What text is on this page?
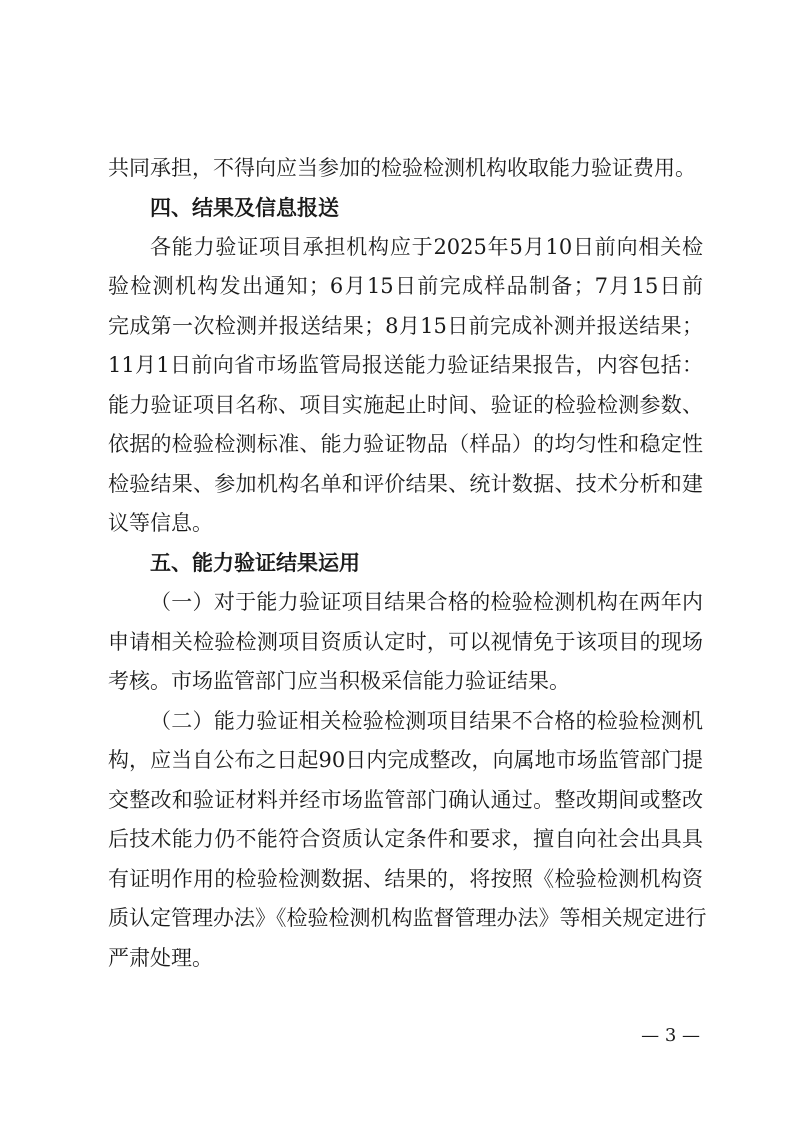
共同承担，不得向应当参加的检验检测机构收取能力验证费用。
四、结果及信息报送
各能力验证项目承担机构应于2025年5月10日前向相关检
验检测机构发出通知；6月15日前完成样品制备；7月15日前
完成第一次检测并报送结果；8月15日前完成补测并报送结果；
11月1日前向省市场监管局报送能力验证结果报告，内容包括：
能力验证项目名称、项目实施起止时间、验证的检验检测参数、
依据的检验检测标准、能力验证物品（样品）的均匀性和稳定性
检验结果、参加机构名单和评价结果、统计数据、技术分析和建
议等信息。
五、能力验证结果运用
（一）对于能力验证项目结果合格的检验检测机构在两年内
申请相关检验检测项目资质认定时，可以视情免于该项目的现场
考核。市场监管部门应当积极采信能力验证结果。
（二）能力验证相关检验检测项目结果不合格的检验检测机
构，应当自公布之日起90日内完成整改，向属地市场监管部门提
交整改和验证材料并经市场监管部门确认通过。整改期间或整改
后技术能力仍不能符合资质认定条件和要求，擅自向社会出具具
有证明作用的检验检测数据、结果的，将按照《检验检测机构资
质认定管理办法》《检验检测机构监督管理办法》等相关规定进行
严肃处理。
— 3 —
